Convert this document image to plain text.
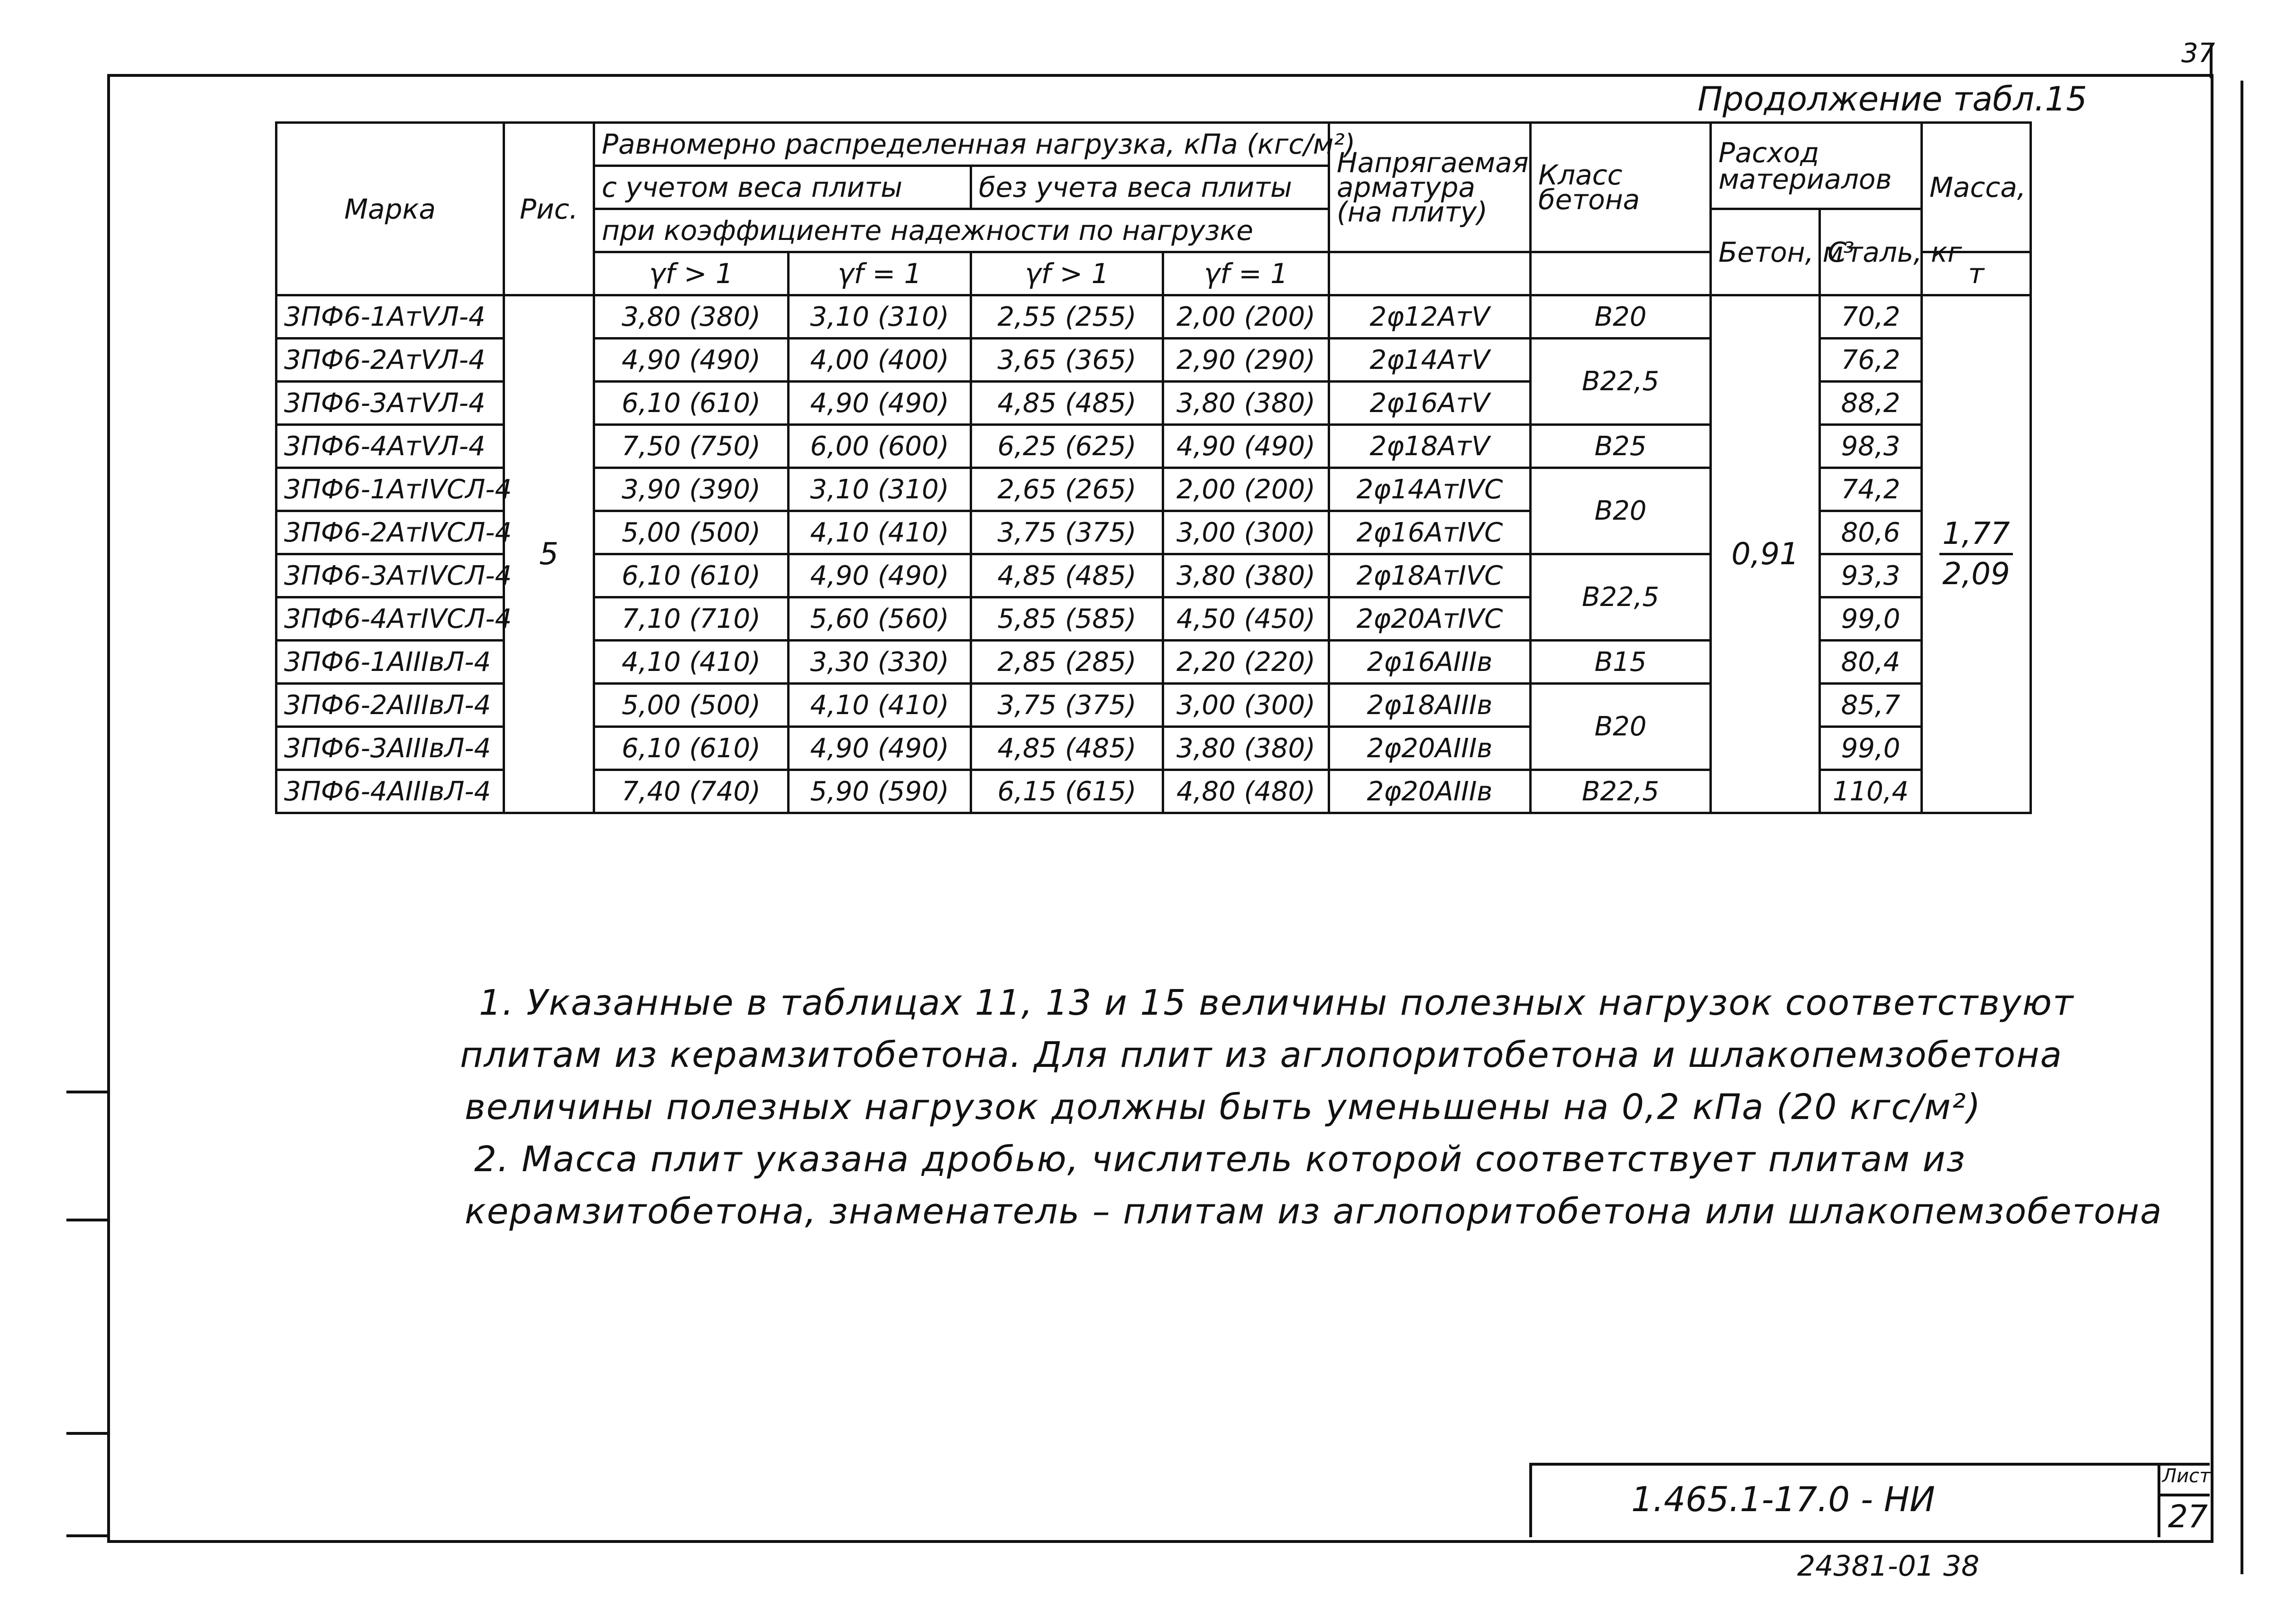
37
Продолжение табл.15
Марка	Рис.	Равномерно распределенная нагрузка, кПа (кгс/м²)				Напрягаемая арматура (на плиту)	Класс бетона	Расход материалов		Масса,
		с учетом веса плиты		без учета веса плиты						
		при коэффициенте надежности по нагрузке						Бетон, м³	Сталь, кг	
		γf > 1	γf = 1	γf > 1	γf = 1					т
3ПФ6-1АтVЛ-4	5	3,80 (380)	3,10 (310)	2,55 (255)	2,00 (200)	2φ12АтV	В20	0,91	70,2	$\frac{1,77}{2,09}$
3ПФ6-2АтVЛ-4		4,90 (490)	4,00 (400)	3,65 (365)	2,90 (290)	2φ14АтV	В22,5		76,2	
3ПФ6-3АтVЛ-4		6,10 (610)	4,90 (490)	4,85 (485)	3,80 (380)	2φ16АтV			88,2	
3ПФ6-4АтVЛ-4		7,50 (750)	6,00 (600)	6,25 (625)	4,90 (490)	2φ18АтV	В25		98,3	
3ПФ6-1АтIVСЛ-4		3,90 (390)	3,10 (310)	2,65 (265)	2,00 (200)	2φ14АтIVС	В20		74,2	
3ПФ6-2АтIVСЛ-4		5,00 (500)	4,10 (410)	3,75 (375)	3,00 (300)	2φ16АтIVС			80,6	
3ПФ6-3АтIVСЛ-4		6,10 (610)	4,90 (490)	4,85 (485)	3,80 (380)	2φ18АтIVС	В22,5		93,3	
3ПФ6-4АтIVСЛ-4		7,10 (710)	5,60 (560)	5,85 (585)	4,50 (450)	2φ20АтIVС			99,0	
3ПФ6-1АIIIвЛ-4		4,10 (410)	3,30 (330)	2,85 (285)	2,20 (220)	2φ16АIIIв	В15		80,4	
3ПФ6-2АIIIвЛ-4		5,00 (500)	4,10 (410)	3,75 (375)	3,00 (300)	2φ18АIIIв	В20		85,7	
3ПФ6-3АIIIвЛ-4		6,10 (610)	4,90 (490)	4,85 (485)	3,80 (380)	2φ20АIIIв			99,0	
3ПФ6-4АIIIвЛ-4		7,40 (740)	5,90 (590)	6,15 (615)	4,80 (480)	2φ20АIIIв	В22,5		110,4	
1. Указанные в таблицах 11, 13 и 15 величины полезных нагрузок соответствуют
плитам из керамзитобетона. Для плит из аглопоритобетона и шлакопемзобетона
величины полезных нагрузок должны быть уменьшены на 0,2 кПа (20 кгс/м²)
2. Масса плит указана дробью, числитель которой соответствует плитам из
керамзитобетона, знаменатель – плитам из аглопоритобетона или шлакопемзобетона
1.465.1-17.0 - НИ
Лист
27
24381-01 38
